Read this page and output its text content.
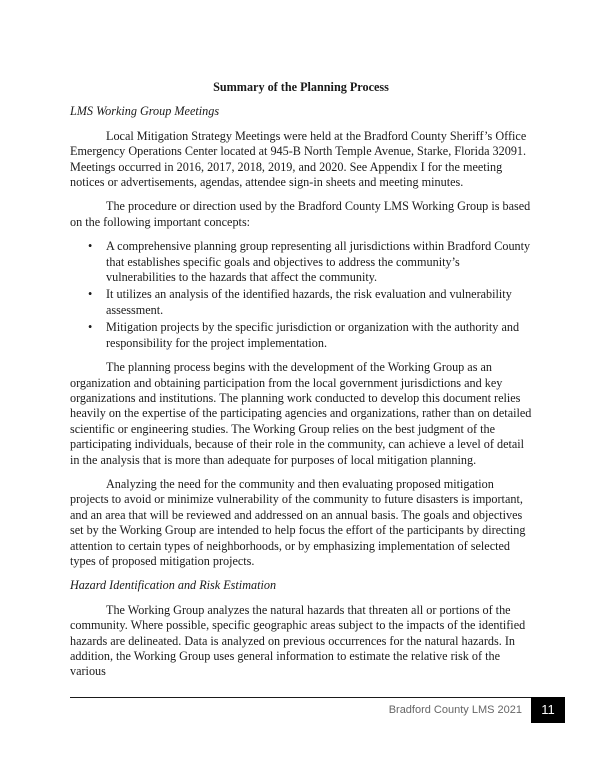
Summary of the Planning Process
LMS Working Group Meetings

Local Mitigation Strategy Meetings were held at the Bradford County Sheriff’s Office Emergency Operations Center located at 945-B North Temple Avenue, Starke, Florida 32091. Meetings occurred in 2016, 2017, 2018, 2019, and 2020. See Appendix I for the meeting notices or advertisements, agendas, attendee sign-in sheets and meeting minutes.

The procedure or direction used by the Bradford County LMS Working Group is based on the following important concepts:

• A comprehensive planning group representing all jurisdictions within Bradford County that establishes specific goals and objectives to address the community’s vulnerabilities to the hazards that affect the community.
• It utilizes an analysis of the identified hazards, the risk evaluation and vulnerability assessment.
• Mitigation projects by the specific jurisdiction or organization with the authority and responsibility for the project implementation.

The planning process begins with the development of the Working Group as an organization and obtaining participation from the local government jurisdictions and key organizations and institutions. The planning work conducted to develop this document relies heavily on the expertise of the participating agencies and organizations, rather than on detailed scientific or engineering studies. The Working Group relies on the best judgment of the participating individuals, because of their role in the community, can achieve a level of detail in the analysis that is more than adequate for purposes of local mitigation planning.

Analyzing the need for the community and then evaluating proposed mitigation projects to avoid or minimize vulnerability of the community to future disasters is important, and an area that will be reviewed and addressed on an annual basis. The goals and objectives set by the Working Group are intended to help focus the effort of the participants by directing attention to certain types of neighborhoods, or by emphasizing implementation of selected types of proposed mitigation projects.

Hazard Identification and Risk Estimation

The Working Group analyzes the natural hazards that threaten all or portions of the community. Where possible, specific geographic areas subject to the impacts of the identified hazards are delineated. Data is analyzed on previous occurrences for the natural hazards. In addition, the Working Group uses general information to estimate the relative risk of the various

Bradford County LMS 2021	11
